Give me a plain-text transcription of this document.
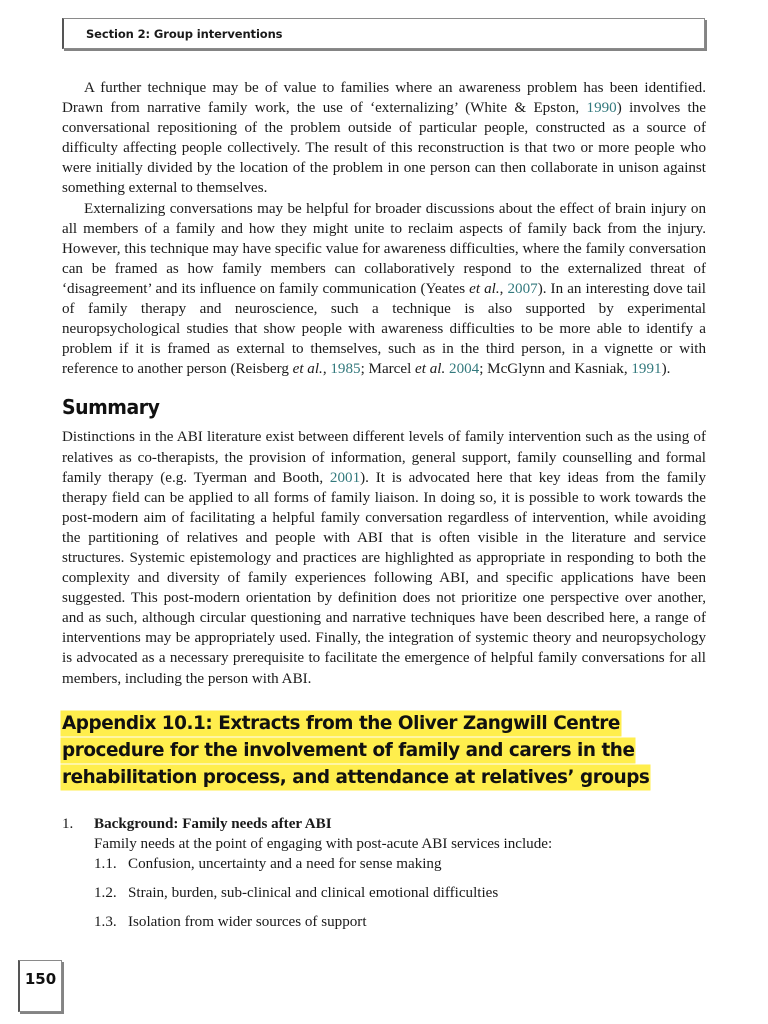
Section 2: Group interventions

A further technique may be of value to families where an awareness problem has been identified. Drawn from narrative family work, the use of ‘externalizing’ (White & Epston, 1990) involves the conversational repositioning of the problem outside of particular people, constructed as a source of difficulty affecting people collectively. The result of this reconstruction is that two or more people who were initially divided by the location of the problem in one person can then collaborate in unison against something external to themselves.

Externalizing conversations may be helpful for broader discussions about the effect of brain injury on all members of a family and how they might unite to reclaim aspects of family back from the injury. However, this technique may have specific value for awareness difficulties, where the family conversation can be framed as how family members can collaboratively respond to the externalized threat of ‘disagreement’ and its influence on family communication (Yeates et al., 2007). In an interesting dove tail of family therapy and neuroscience, such a technique is also supported by experimental neuropsychological studies that show people with awareness difficulties to be more able to identify a problem if it is framed as external to themselves, such as in the third person, in a vignette or with reference to another person (Reisberg et al., 1985; Marcel et al. 2004; McGlynn and Kasniak, 1991).

Summary

Distinctions in the ABI literature exist between different levels of family intervention such as the using of relatives as co-therapists, the provision of information, general support, family counselling and formal family therapy (e.g. Tyerman and Booth, 2001). It is advocated here that key ideas from the family therapy field can be applied to all forms of family liaison. In doing so, it is possible to work towards the post-modern aim of facilitating a helpful family conversation regardless of intervention, while avoiding the partitioning of relatives and people with ABI that is often visible in the literature and service structures. Systemic epistemology and practices are highlighted as appropriate in responding to both the complexity and diversity of family experiences following ABI, and specific applications have been suggested. This post-modern orientation by definition does not prioritize one perspective over another, and as such, although circular questioning and narrative techniques have been described here, a range of interventions may be appropriately used. Finally, the integration of systemic theory and neuropsychology is advocated as a necessary prerequisite to facilitate the emergence of helpful family conversations for all members, including the person with ABI.

Appendix 10.1: Extracts from the Oliver Zangwill Centre
procedure for the involvement of family and carers in the
rehabilitation process, and attendance at relatives’ groups
1.	Background: Family needs after ABI
Family needs at the point of engaging with post-acute ABI services include:
1.1. Confusion, uncertainty and a need for sense making
1.2. Strain, burden, sub-clinical and clinical emotional difficulties
1.3. Isolation from wider sources of support
150
